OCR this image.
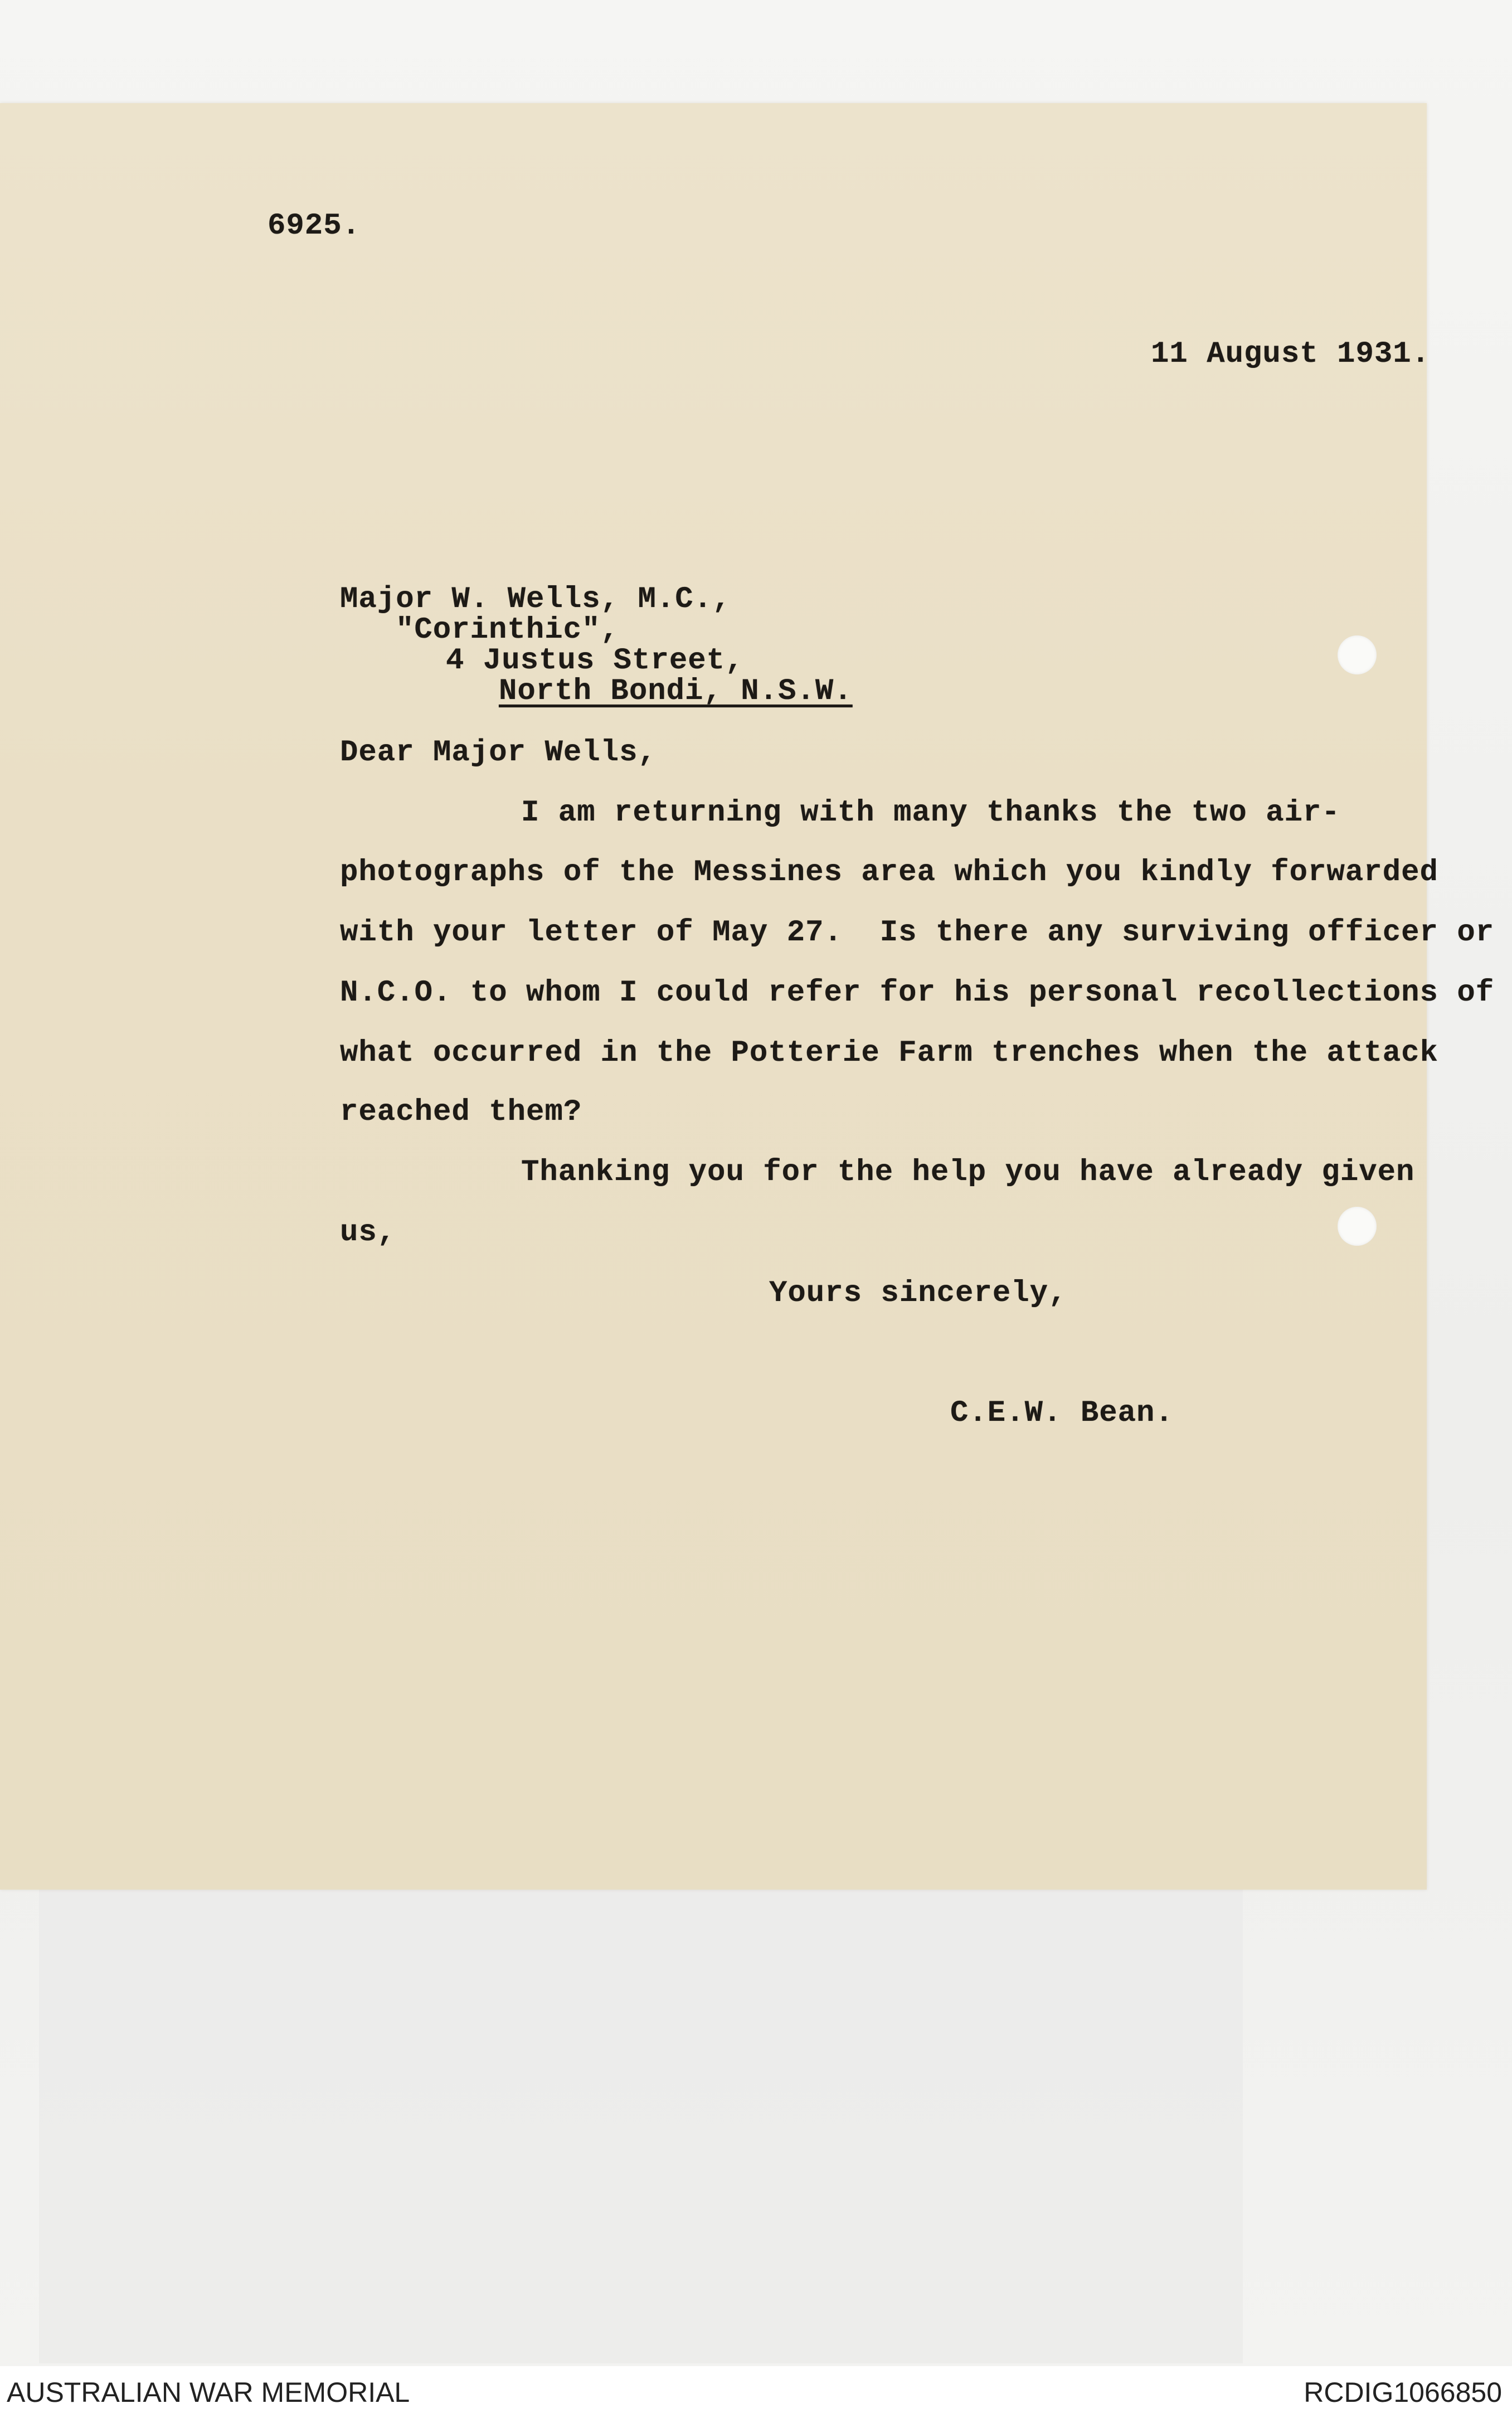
6925.
11 August 1931.
Major W. Wells, M.C.,
"Corinthic",
4 Justus Street,
North Bondi, N.S.W.
Dear Major Wells,
I am returning with many thanks the two air-
photographs of the Messines area which you kindly forwarded
with your letter of May 27.  Is there any surviving officer or
N.C.O. to whom I could refer for his personal recollections of
what occurred in the Potterie Farm trenches when the attack
reached them?
Thanking you for the help you have already given
us,
Yours sincerely,
C.E.W. Bean.
AUSTRALIAN WAR MEMORIAL	RCDIG1066850
